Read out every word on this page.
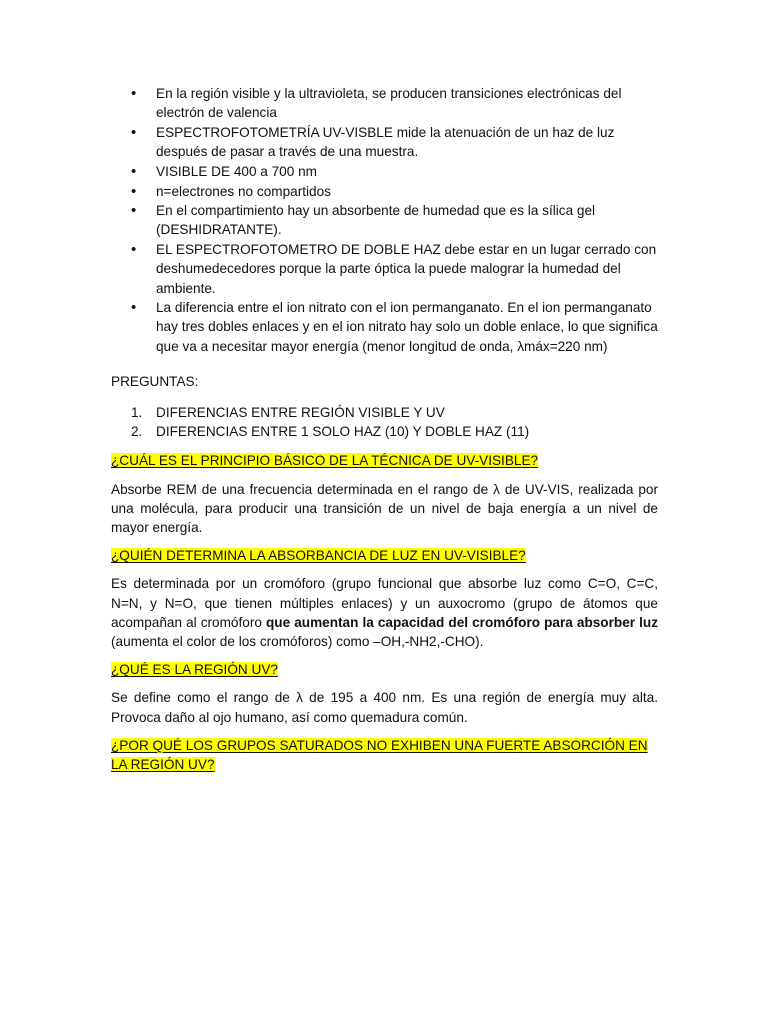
• En la región visible y la ultravioleta, se producen transiciones electrónicas del electrón de valencia
• ESPECTROFOTOMETRÍA UV-VISBLE mide la atenuación de un haz de luz después de pasar a través de una muestra.
• VISIBLE DE 400 a 700 nm
• n=electrones no compartidos
• En el compartimiento hay un absorbente de humedad que es la sílica gel (DESHIDRATANTE).
• EL ESPECTROFOTOMETRO DE DOBLE HAZ debe estar en un lugar cerrado con deshumedecedores porque la parte óptica la puede malograr la humedad del ambiente.
• La diferencia entre el ion nitrato con el ion permanganato. En el ion permanganato hay tres dobles enlaces y en el ion nitrato hay solo un doble enlace, lo que significa que va a necesitar mayor energía (menor longitud de onda, λmáx=220 nm)
PREGUNTAS:
1. DIFERENCIAS ENTRE REGIÓN VISIBLE Y UV
2. DIFERENCIAS ENTRE 1 SOLO HAZ (10) Y DOBLE HAZ (11)
¿CUÁL ES EL PRINCIPIO BÁSICO DE LA TÉCNICA DE UV-VISIBLE?

Absorbe REM de una frecuencia determinada en el rango de λ de UV-VIS, realizada por una molécula, para producir una transición de un nivel de baja energía a un nivel de mayor energía.

¿QUIÉN DETERMINA LA ABSORBANCIA DE LUZ EN UV-VISIBLE?

Es determinada por un cromóforo (grupo funcional que absorbe luz como C=O, C=C, N=N, y N=O, que tienen múltiples enlaces) y un auxocromo (grupo de átomos que acompañan al cromóforo que aumentan la capacidad del cromóforo para absorber luz (aumenta el color de los cromóforos) como –OH,-NH2,-CHO).

¿QUÉ ES LA REGIÓN UV?

Se define como el rango de λ de 195 a 400 nm. Es una región de energía muy alta. Provoca daño al ojo humano, así como quemadura común.

¿POR QUÉ LOS GRUPOS SATURADOS NO EXHIBEN UNA FUERTE ABSORCIÓN EN LA REGIÓN UV?
